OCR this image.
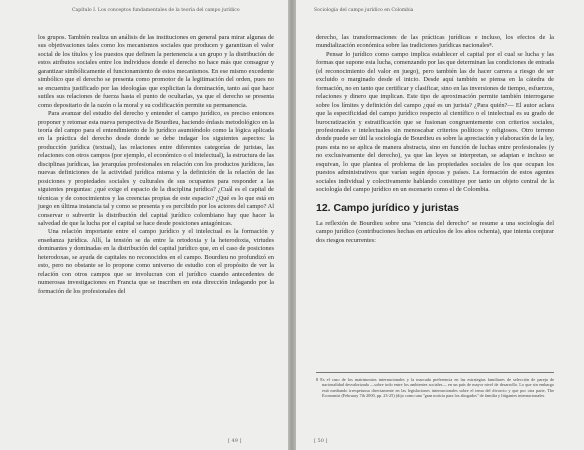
Capítulo I. Los conceptos fundamentales de la teoría del campo jurídico

los grupos. También realiza un análisis de las instituciones en general para mirar algunas de sus objetivaciones tales como los mecanismos sociales que producen y garantizan el valor social de los títulos y los puestos que definen la pertenencia a un grupo y la distribución de estos atributos sociales entre los individuos donde el derecho no hace más que consagrar y garantizar simbólicamente el funcionamiento de estos mecanismos. En ese mismo excedente simbólico que el derecho se presenta como promotor de la legitimación del orden, pues no se encuentra justificado por las ideologías que explicitan la dominación, tanto así que hace sutiles sus relaciones de fuerza hasta el punto de ocultarlas, ya que el derecho se presenta como depositario de la razón o la moral y su codificación permite su permanencia.

Para avanzar del estudio del derecho y entender el campo jurídico, es preciso entonces proponer y retomar esta nueva perspectiva de Bourdieu, haciendo énfasis metodológico en la teoría del campo para el entendimiento de lo jurídico asumiéndolo como la lógica aplicada en la práctica del derecho desde donde se debe indagar los siguientes aspectos: la producción jurídica (textual), las relaciones entre diferentes categorías de juristas, las relaciones con otros campos (por ejemplo, el económico o el intelectual), la estructura de las disciplinas jurídicas, las jerarquías profesionales en relación con los productos jurídicos, las nuevas definiciones de la actividad jurídica misma y la definición de la relación de las posiciones y propiedades sociales y culturales de sus ocupantes para responder a las siguientes preguntas: ¿qué exige el espacio de la disciplina jurídica? ¿Cuál es el capital de técnicas y de conocimientos y las creencias propias de este espacio? ¿Qué es lo que está en juego en última instancia tal y como se presenta y es percibido por los actores del campo? Al conservar o subvertir la distribución del capital jurídico colombiano hay que hacer la salvedad de que la lucha por el capital se hace desde posiciones antagónicas.

Una relación importante entre el campo jurídico y el intelectual es la formación y enseñanza jurídica. Allí, la tensión se da entre la ortodoxia y la heterodoxia, virtudes dominantes y dominadas en la distribución del capital jurídico que, en el caso de posiciones heterodoxas, se ayuda de capitales no reconocidos en el campo. Bourdieu no profundizó en esto, pero no obstante se lo propone como universo de estudio con el propósito de ver la relación con otros campos que se involucran con el jurídico cuando antecedentes de numerosas investigaciones en Francia que se inscriben en esta dirección indagando por la formación de los profesionales del

[ 49 ]
Sociología del campo jurídico en Colombia

derecho, las transformaciones de las prácticas jurídicas e incluso, los efectos de la mundialización económica sobre las tradiciones jurídicas nacionales⁸.

Pensar lo jurídico como campo implica establecer el capital por el cual se lucha y las formas que supone esta lucha, comenzando por las que determinan las condiciones de entrada (el reconocimiento del valor en juego), pero también las de hacer carrera a riesgo de ser excluido o marginado desde el inicio. Desde aquí también se piensa en la cátedra de formación, no en tanto que certificar y clasificar, sino en las inversiones de tiempo, esfuerzos, relaciones y dinero que implican. Este tipo de aproximación permite también interrogarse sobre los límites y definición del campo ¿qué es un jurista? ¿Para quién?— El autor aclara que la especificidad del campo jurídico respecto al científico o el intelectual es su grado de burocratización y estratificación que se fusionan congruentemente con criterios sociales, profesionales e intelectuales sin menoscabar criterios políticos y religiosos. Otro terreno donde puede ser útil la sociología de Bourdieu es sobre la apreciación y elaboración de la ley, pues esta no se aplica de manera abstracta, sino en función de luchas entre profesionales (y no exclusivamente del derecho), ya que las leyes se interpretan, se adaptan e incluso se esquivan, lo que plantea el problema de las propiedades sociales de los que ocupan los puestos administrativos que varían según épocas y países. La formación de estos agentes sociales individual y colectivamente hablando constituye por tanto un objeto central de la sociología del campo jurídico en un escenario como el de Colombia.

12. Campo jurídico y juristas

La reflexión de Bourdieu sobre una "ciencia del derecho" se resume a una sociología del campo jurídico (contribuciones hechas en artículos de los años ochenta), que intenta conjurar dos riesgos recurrentes:

8 Es el caso de los matrimonios internacionales y la marcada preferencia en las estrategias familiares de selección de pareja de nacionalidad desvalorizada —sobre todo entre los ambientes sociales— en un país de mayor nivel de desarrollo. Lo que sin embargo está mediando irrespetuosa directamente en las legislaciones internacionales sobre el tema del divorcio y que por otra parte, The Economist (February 7th 2000, pp. 23-25) (dijo como una "gran noticia para los abogados" de familia y litigantes internacionales.

[ 50 ]
